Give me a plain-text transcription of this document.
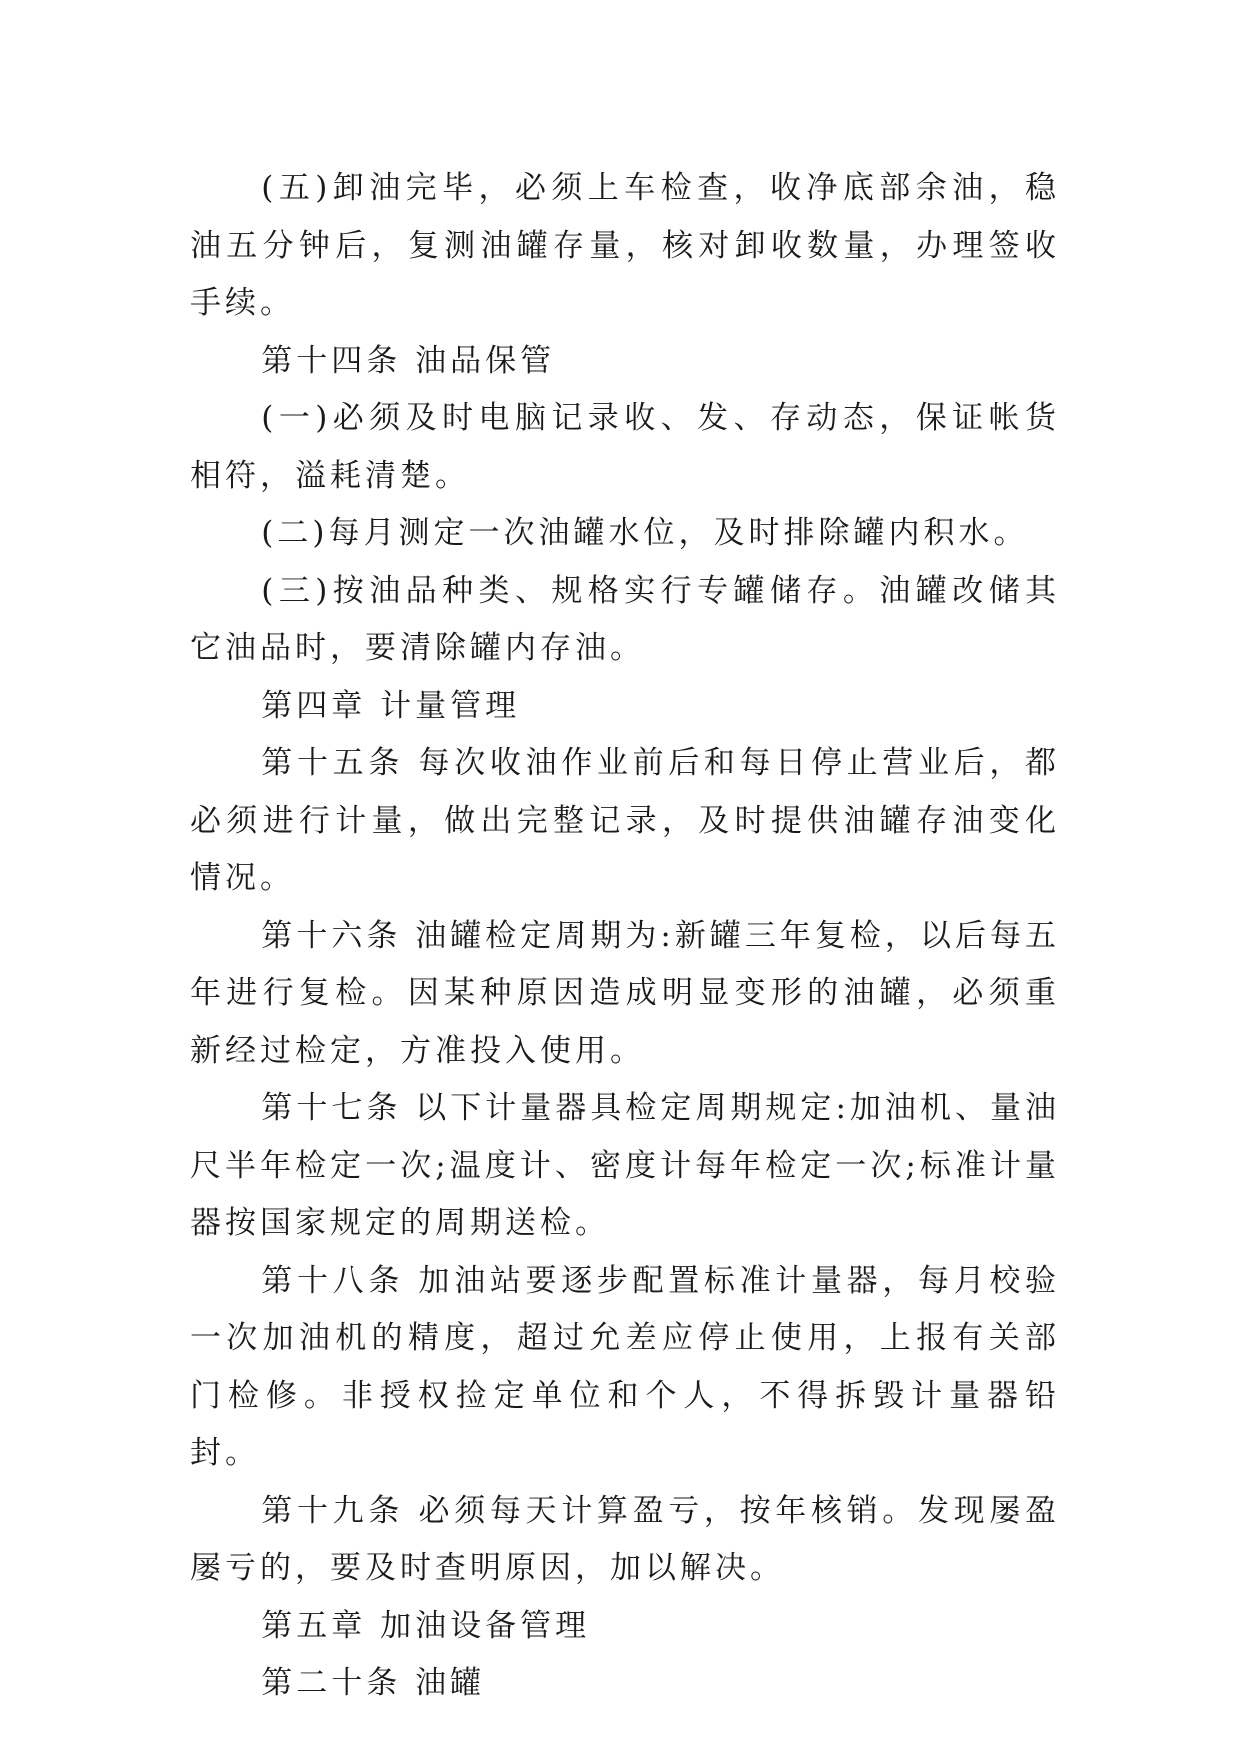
(五)卸油完毕，必须上车检查，收净底部余油，稳油五分钟后，复测油罐存量，核对卸收数量，办理签收手续。

第十四条 油品保管

(一)必须及时电脑记录收、发、存动态，保证帐货相符，溢耗清楚。

(二)每月测定一次油罐水位，及时排除罐内积水。

(三)按油品种类、规格实行专罐储存。油罐改储其它油品时，要清除罐内存油。

第四章 计量管理

第十五条 每次收油作业前后和每日停止营业后，都必须进行计量，做出完整记录，及时提供油罐存油变化情况。

第十六条 油罐检定周期为:新罐三年复检，以后每五年进行复检。因某种原因造成明显变形的油罐，必须重新经过检定，方准投入使用。

第十七条 以下计量器具检定周期规定:加油机、量油尺半年检定一次;温度计、密度计每年检定一次;标准计量器按国家规定的周期送检。

第十八条 加油站要逐步配置标准计量器，每月校验一次加油机的精度，超过允差应停止使用，上报有关部门检修。非授权捡定单位和个人，不得拆毁计量器铅封。

第十九条 必须每天计算盈亏，按年核销。发现屡盈屡亏的，要及时查明原因，加以解决。

第五章 加油设备管理

第二十条 油罐
